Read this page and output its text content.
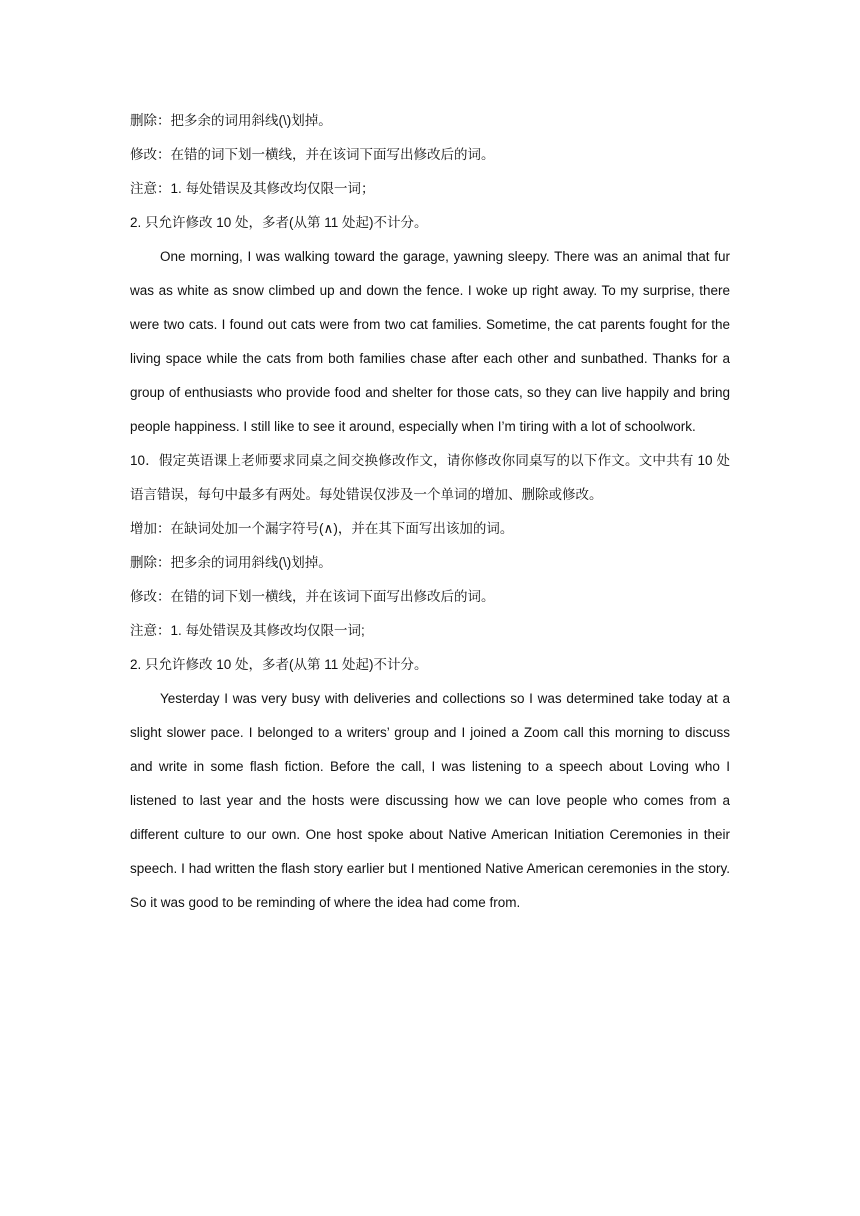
删除：把多余的词用斜线(\)划掉。
修改：在错的词下划一横线，并在该词下面写出修改后的词。
注意：1. 每处错误及其修改均仅限一词；
2. 只允许修改 10 处，多者(从第 11 处起)不计分。

One morning, I was walking toward the garage, yawning sleepy. There was an animal that fur was as white as snow climbed up and down the fence. I woke up right away. To my surprise, there were two cats. I found out cats were from two cat families. Sometime, the cat parents fought for the living space while the cats from both families chase after each other and sunbathed. Thanks for a group of enthusiasts who provide food and shelter for those cats, so they can live happily and bring people happiness. I still like to see it around, especially when I’m tiring with a lot of schoolwork.

10．假定英语课上老师要求同桌之间交换修改作文，请你修改你同桌写的以下作文。文中共有 10 处语言错误，每句中最多有两处。每处错误仅涉及一个单词的增加、删除或修改。

增加：在缺词处加一个漏字符号(∧)，并在其下面写出该加的词。
删除：把多余的词用斜线(\)划掉。
修改：在错的词下划一横线，并在该词下面写出修改后的词。
注意：1. 每处错误及其修改均仅限一词;
2. 只允许修改 10 处，多者(从第 11 处起)不计分。

Yesterday I was very busy with deliveries and collections so I was determined take today at a slight slower pace. I belonged to a writers’ group and I joined a Zoom call this morning to discuss and write in some flash fiction. Before the call, I was listening to a speech about Loving who I listened to last year and the hosts were discussing how we can love people who comes from a different culture to our own. One host spoke about Native American Initiation Ceremonies in their speech. I had written the flash story earlier but I mentioned Native American ceremonies in the story. So it was good to be reminding of where the idea had come from.
